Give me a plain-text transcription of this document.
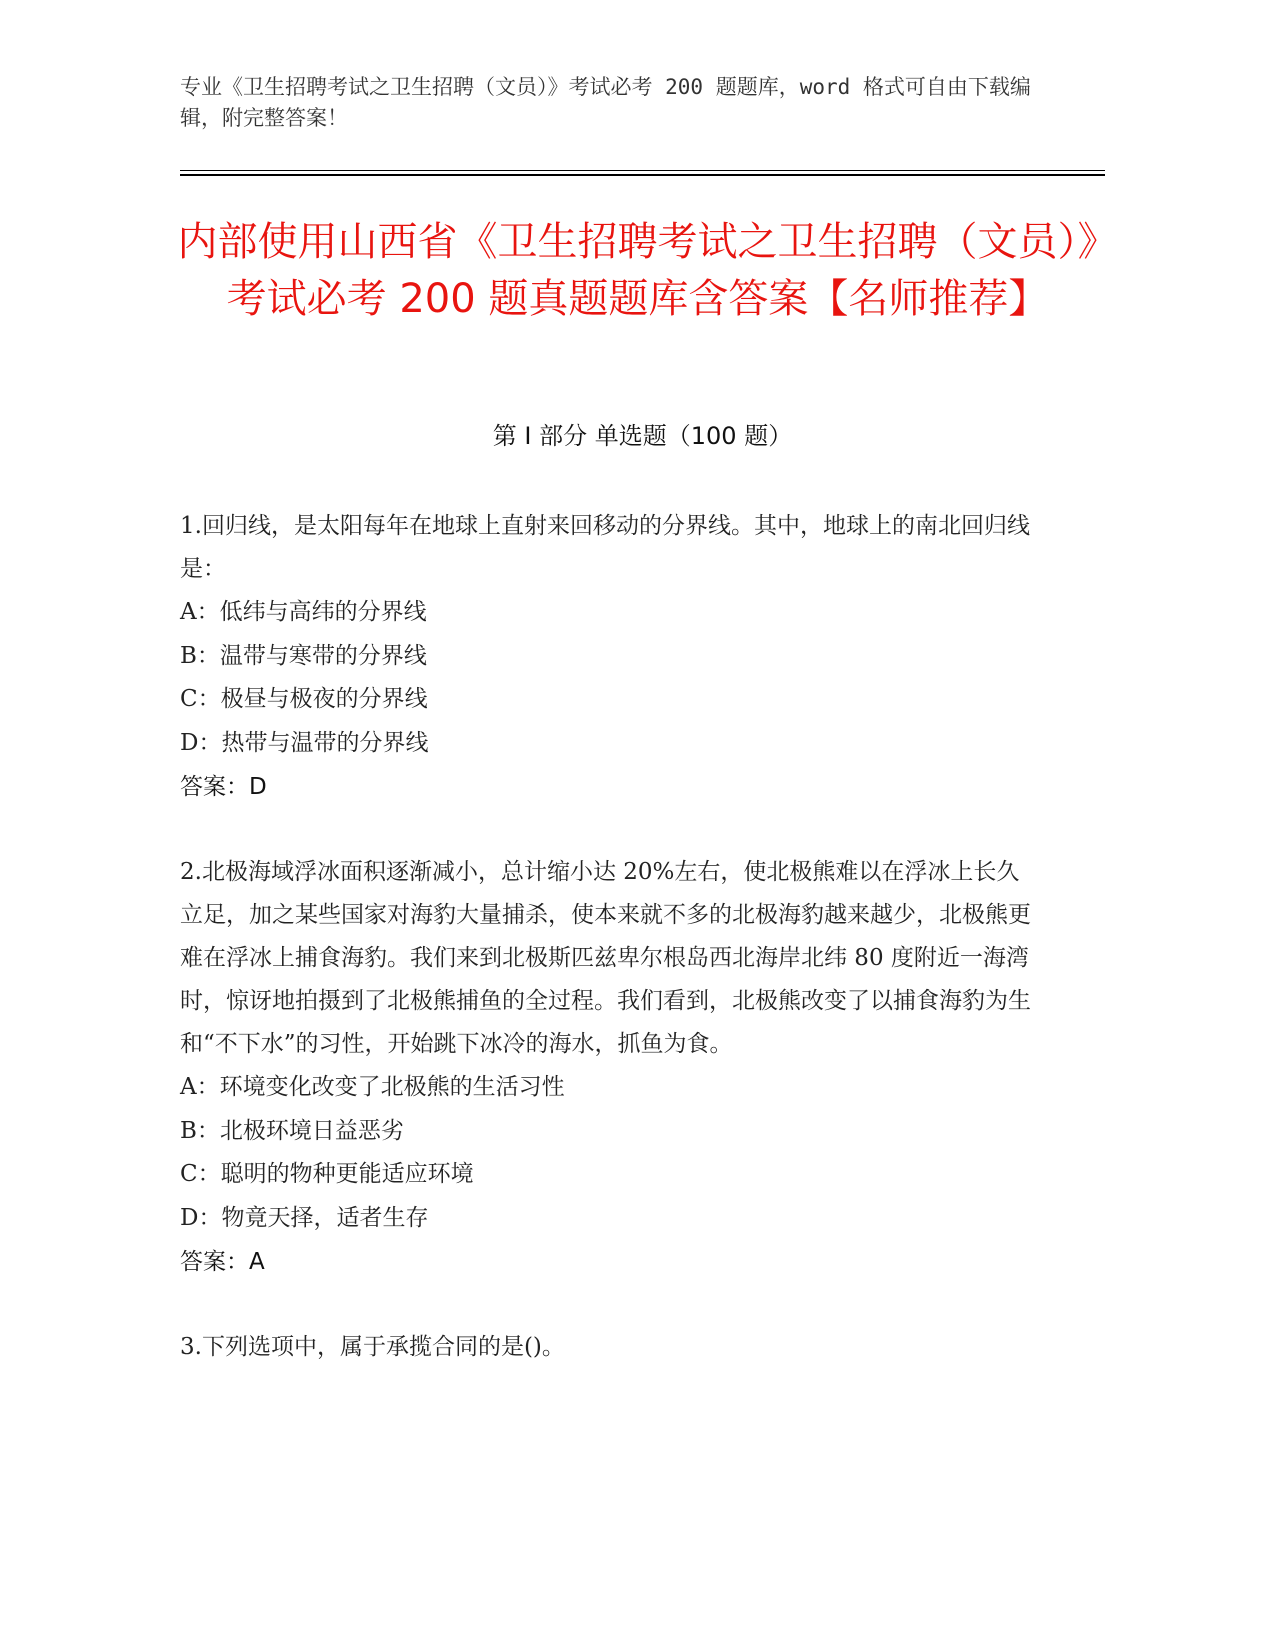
专业《卫生招聘考试之卫生招聘（文员）》考试必考 200 题题库，word 格式可自由下载编辑，附完整答案！
内部使用山西省《卫生招聘考试之卫生招聘（文员）》考试必考 200 题真题题库含答案【名师推荐】
第 I 部分 单选题（100 题）
1.回归线，是太阳每年在地球上直射来回移动的分界线。其中，地球上的南北回归线是：
A：低纬与高纬的分界线
B：温带与寒带的分界线
C：极昼与极夜的分界线
D：热带与温带的分界线
答案：D
2.北极海域浮冰面积逐渐减小，总计缩小达 20%左右，使北极熊难以在浮冰上长久立足，加之某些国家对海豹大量捕杀，使本来就不多的北极海豹越来越少，北极熊更难在浮冰上捕食海豹。我们来到北极斯匹兹卑尔根岛西北海岸北纬 80 度附近一海湾时，惊讶地拍摄到了北极熊捕鱼的全过程。我们看到，北极熊改变了以捕食海豹为生和“不下水”的习性，开始跳下冰冷的海水，抓鱼为食。
A：环境变化改变了北极熊的生活习性
B：北极环境日益恶劣
C：聪明的物种更能适应环境
D：物竟天择，适者生存
答案：A
3.下列选项中，属于承揽合同的是()。
